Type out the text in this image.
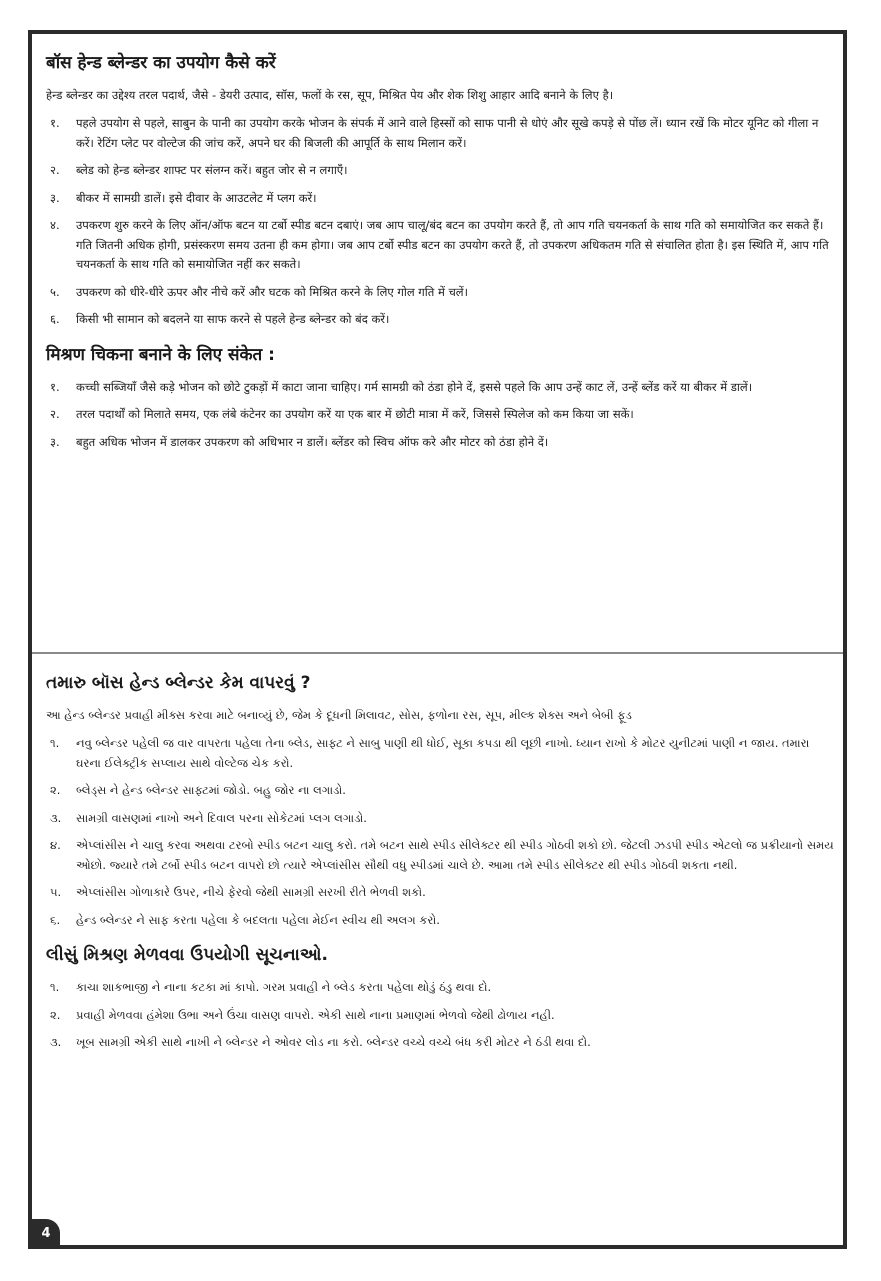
बॉस हेन्ड ब्लेन्डर का उपयोग कैसे करें

हेन्ड ब्लेन्डर का उद्देश्य तरल पदार्थ, जैसे - डेयरी उत्पाद, सॉस, फलों के रस, सूप, मिश्रित पेय और शेक शिशु आहार आदि बनाने के लिए है।

१. पहले उपयोग से पहले, साबुन के पानी का उपयोग करके भोजन के संपर्क में आने वाले हिस्सों को साफ पानी से धोएं और सूखे कपड़े से पोंछ लें। ध्यान रखें कि मोटर यूनिट को गीला न करें। रेटिंग प्लेट पर वोल्टेज की जांच करें, अपने घर की बिजली की आपूर्ति के साथ मिलान करें।
२. ब्लेड को हेन्ड ब्लेन्डर शाफ्ट पर संलग्न करें। बहुत जोर से न लगाएँ।
३. बीकर में सामग्री डालें। इसे दीवार के आउटलेट में प्लग करें।
४. उपकरण शुरु करने के लिए ऑन/ऑफ बटन या टर्बो स्पीड बटन दबाएं। जब आप चालू/बंद बटन का उपयोग करते हैं, तो आप गति चयनकर्ता के साथ गति को समायोजित कर सकते हैं। गति जितनी अधिक होगी, प्रसंस्करण समय उतना ही कम होगा। जब आप टर्बो स्पीड बटन का उपयोग करते हैं, तो उपकरण अधिकतम गति से संचालित होता है। इस स्थिति में, आप गति चयनकर्ता के साथ गति को समायोजित नहीं कर सकते।
५. उपकरण को धीरे-धीरे ऊपर और नीचे करें और घटक को मिश्रित करने के लिए गोल गति में चलें।
६. किसी भी सामान को बदलने या साफ करने से पहले हेन्ड ब्लेन्डर को बंद करें।
मिश्रण चिकना बनाने के लिए संकेत :
१. कच्ची सब्जियाँ जैसे कड़े भोजन को छोटे टुकड़ों में काटा जाना चाहिए। गर्म सामग्री को ठंडा होने दें, इससे पहले कि आप उन्हें काट लें, उन्हें ब्लेंड करें या बीकर में डालें।
२. तरल पदार्थों को मिलाते समय, एक लंबे कंटेनर का उपयोग करें या एक बार में छोटी मात्रा में करें, जिससे स्पिलेज को कम किया जा सकें।
३. बहुत अधिक भोजन में डालकर उपकरण को अधिभार न डालें। ब्लेंडर को स्विच ऑफ करे और मोटर को ठंडा होने दें।
તમારુ બૉસ હેન્ડ બ્લેન્ડર કેમ વાપરવું ?

આ હેન્ડ બ્લેન્ડર પ્રવાહી મીક્સ કરવા માટે બનાવ્યું છે, જેમ કે દૂધની મિલાવટ, સોસ, ફળોના રસ, સૂપ, મીલ્ક શેક્સ અને બેબી ફૂડ

૧. નવુ બ્લેન્ડર પહેલી જ વાર વાપરતા પહેલા તેના બ્લેડ, સાફ્ટ ને સાબુ પાણી થી ધોઈ, સૂકા કપડા થી લૂછી નાખો. ધ્યાન રાખો કે મોટર યુનીટમાં પાણી ન જાય. તમારા ઘરના ઈલેક્ટ્રીક સપ્લાય સાથે વોલ્ટેજ ચેક કરો.
૨. બ્લેડ્સ ને હેન્ડ બ્લેન્ડર સાફ્ટમાં જોડો. બહુ જોર ના લગાડો.
૩. સામગ્રી વાસણમાં નાખો અને દિવાલ પરના સોકેટમાં પ્લગ લગાડો.
૪. એપ્લાંસીસ ને ચાલુ કરવા અથવા ટરબો સ્પીડ બટન ચાલુ કરો. તમે બટન સાથે સ્પીડ સીલેક્ટર થી સ્પીડ ગોઠવી શકો છો. જેટલી ઝડપી સ્પીડ એટલો જ પ્રક્રીયાનો સમય ઓછો. જ્યારે તમે ટર્બો સ્પીડ બટન વાપરો છો ત્યારે એપ્લાંસીસ સૌથી વધુ સ્પીડમાં ચાલે છે. આમા તમે સ્પીડ સીલેક્ટર થી સ્પીડ ગોઠવી શકતા નથી.
૫. એપ્લાંસીસ ગોળાકારે ઉપર, નીચે ફેરવો જેથી સામગ્રી સરખી રીતે ભેળવી શકો.
૬. હેન્ડ બ્લેન્ડર ને સાફ કરતા પહેલા કે બદલતા પહેલા મેઈન સ્વીચ થી અલગ કરો.
લીસું મિશ્રણ મેળવવા ઉપયોગી સૂચનાઓ.
૧. કાચા શાકભાજી ને નાના કટકા માં કાપો. ગરમ પ્રવાહી ને બ્લેડ કરતા પહેલા થોડું ઠંડુ થવા દો.
૨. પ્રવાહી મેળવવા હંમેશા ઉભા અને ઉંચા વાસણ વાપરો. એકી સાથે નાના પ્રમાણમાં ભેળવો જેથી ઢોળાય નહી.
૩. ખૂબ સામગ્રી એકી સાથે નાખી ને બ્લેન્ડર ને ઓવર લોડ ના કરો. બ્લેન્ડર વચ્ચે વચ્ચે બંધ કરી મોટર ને ઠંડી થવા દો.
4
